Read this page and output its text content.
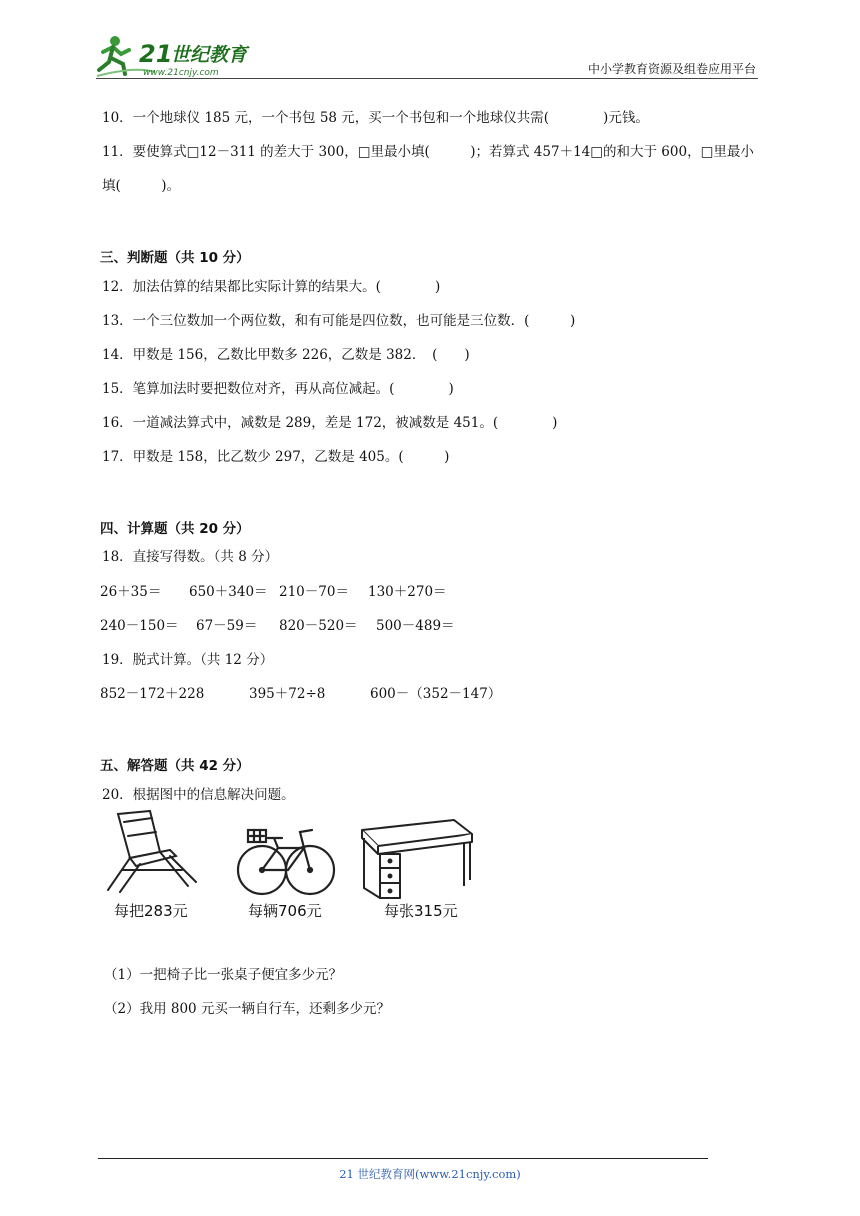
21
世纪教育
www.21cnjy.com	中小学教育资源及组卷应用平台
10．一个地球仪 185 元，一个书包 58 元，买一个书包和一个地球仪共需(　　　　)元钱。
11．要使算式□12－311 的差大于 300，□里最小填(　　　)；若算式 457＋14□的和大于 600，□里最小
填(　　　)。
三、判断题（共 10 分）
12．加法估算的结果都比实际计算的结果大。(　　　　)
13．一个三位数加一个两位数，和有可能是四位数，也可能是三位数．(　　　)
14．甲数是 156，乙数比甲数多 226，乙数是 382．　(　　)
15．笔算加法时要把数位对齐，再从高位减起。(　　　　)
16．一道减法算式中，减数是 289，差是 172，被减数是 451。(　　　　)
17．甲数是 158，比乙数少 297，乙数是 405。(　　　)
四、计算题（共 20 分）
18．直接写得数。（共 8 分）
26＋35＝ 650＋340＝ 210－70＝ 130＋270＝
240－150＝ 67－59＝ 820－520＝ 500－489＝
19．脱式计算。（共 12 分）
852－172＋228	395＋72÷8	600－（352－147）
五、解答题（共 42 分）
20．根据图中的信息解决问题。
每把283元	每辆706元	每张315元
（1）一把椅子比一张桌子便宜多少元？
（2）我用 800 元买一辆自行车，还剩多少元？
21 世纪教育网(www.21cnjy.com)
